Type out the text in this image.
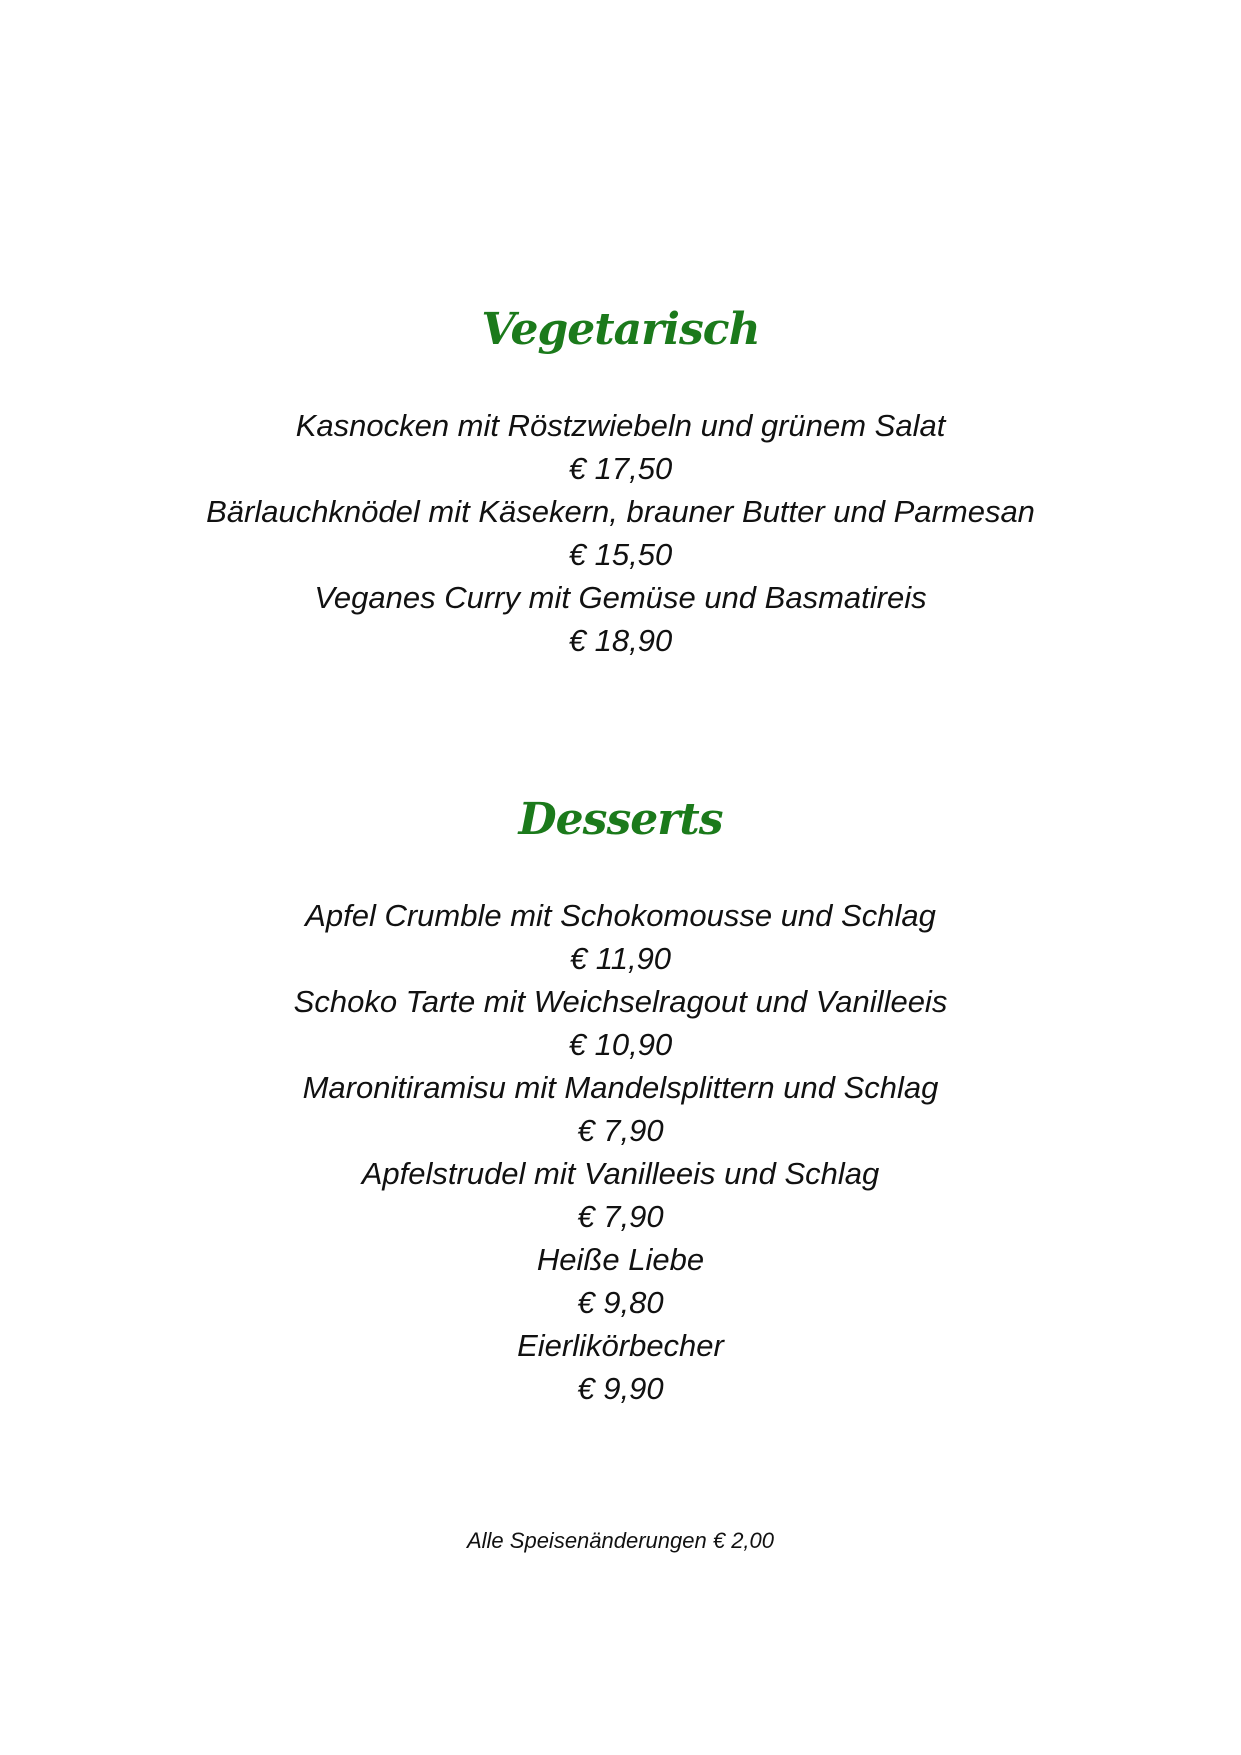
Vegetarisch
Kasnocken mit Röstzwiebeln und grünem Salat
€ 17,50
Bärlauchknödel mit Käsekern, brauner Butter und Parmesan
€ 15,50
Veganes Curry mit Gemüse und Basmatireis
€ 18,90
Desserts
Apfel Crumble mit Schokomousse und Schlag
€ 11,90
Schoko Tarte mit Weichselragout und Vanilleeis
€ 10,90
Maronitiramisu mit Mandelsplittern und Schlag
€ 7,90
Apfelstrudel mit Vanilleeis und Schlag
€ 7,90
Heiße Liebe
€ 9,80
Eierlikörbecher
€ 9,90
Alle Speisenänderungen € 2,00
